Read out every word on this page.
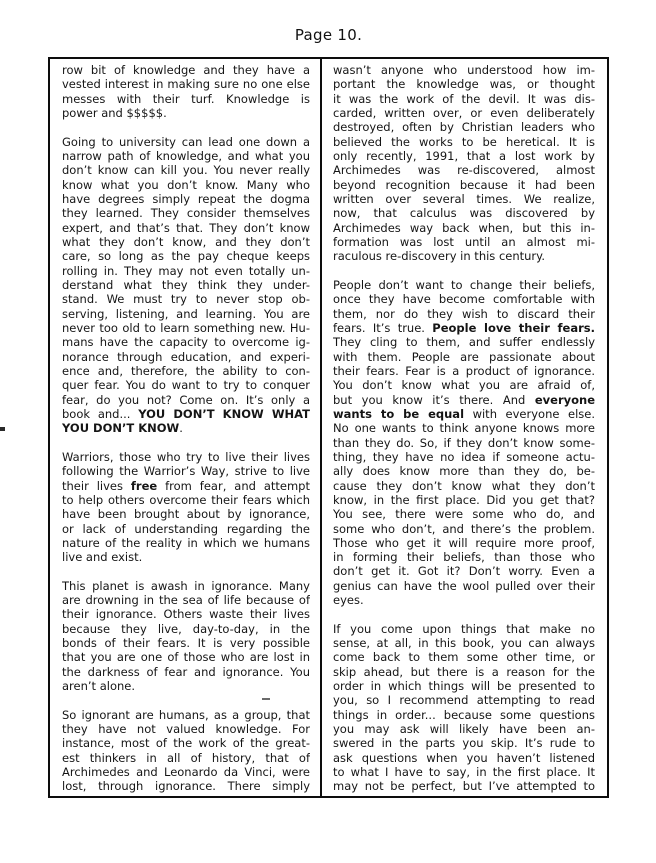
Page 10.
row bit of knowledge and they have a
vested interest in making sure no one else
messes with their turf. Knowledge is
power and $$$$$.
Going to university can lead one down a
narrow path of knowledge, and what you
don’t know can kill you. You never really
know what you don’t know. Many who
have degrees simply repeat the dogma
they learned. They consider themselves
expert, and that’s that. They don’t know
what they don’t know, and they don’t
care, so long as the pay cheque keeps
rolling in. They may not even totally un-
derstand what they think they under-
stand. We must try to never stop ob-
serving, listening, and learning. You are
never too old to learn something new. Hu-
mans have the capacity to overcome ig-
norance through education, and experi-
ence and, therefore, the ability to con-
quer fear. You do want to try to conquer
fear, do you not? Come on. It’s only a
book and... YOU DON’T KNOW WHAT
YOU DON’T KNOW.
Warriors, those who try to live their lives
following the Warrior’s Way, strive to live
their lives free from fear, and attempt
to help others overcome their fears which
have been brought about by ignorance,
or lack of understanding regarding the
nature of the reality in which we humans
live and exist.
This planet is awash in ignorance. Many
are drowning in the sea of life because of
their ignorance. Others waste their lives
because they live, day-to-day, in the
bonds of their fears. It is very possible
that you are one of those who are lost in
the darkness of fear and ignorance. You
aren’t alone.
So ignorant are humans, as a group, that
they have not valued knowledge. For
instance, most of the work of the great-
est thinkers in all of history, that of
Archimedes and Leonardo da Vinci, were
lost, through ignorance. There simply
wasn’t anyone who understood how im-
portant the knowledge was, or thought
it was the work of the devil. It was dis-
carded, written over, or even deliberately
destroyed, often by Christian leaders who
believed the works to be heretical. It is
only recently, 1991, that a lost work by
Archimedes was re-discovered, almost
beyond recognition because it had been
written over several times. We realize,
now, that calculus was discovered by
Archimedes way back when, but this in-
formation was lost until an almost mi-
raculous re-discovery in this century.
People don’t want to change their beliefs,
once they have become comfortable with
them, nor do they wish to discard their
fears. It’s true. People love their fears.
They cling to them, and suffer endlessly
with them. People are passionate about
their fears. Fear is a product of ignorance.
You don’t know what you are afraid of,
but you know it’s there. And everyone
wants to be equal with everyone else.
No one wants to think anyone knows more
than they do. So, if they don’t know some-
thing, they have no idea if someone actu-
ally does know more than they do, be-
cause they don’t know what they don’t
know, in the first place. Did you get that?
You see, there were some who do, and
some who don’t, and there’s the problem.
Those who get it will require more proof,
in forming their beliefs, than those who
don’t get it. Got it? Don’t worry. Even a
genius can have the wool pulled over their
eyes.
If you come upon things that make no
sense, at all, in this book, you can always
come back to them some other time, or
skip ahead, but there is a reason for the
order in which things will be presented to
you, so I recommend attempting to read
things in order... because some questions
you may ask will likely have been an-
swered in the parts you skip. It’s rude to
ask questions when you haven’t listened
to what I have to say, in the first place. It
may not be perfect, but I’ve attempted to
